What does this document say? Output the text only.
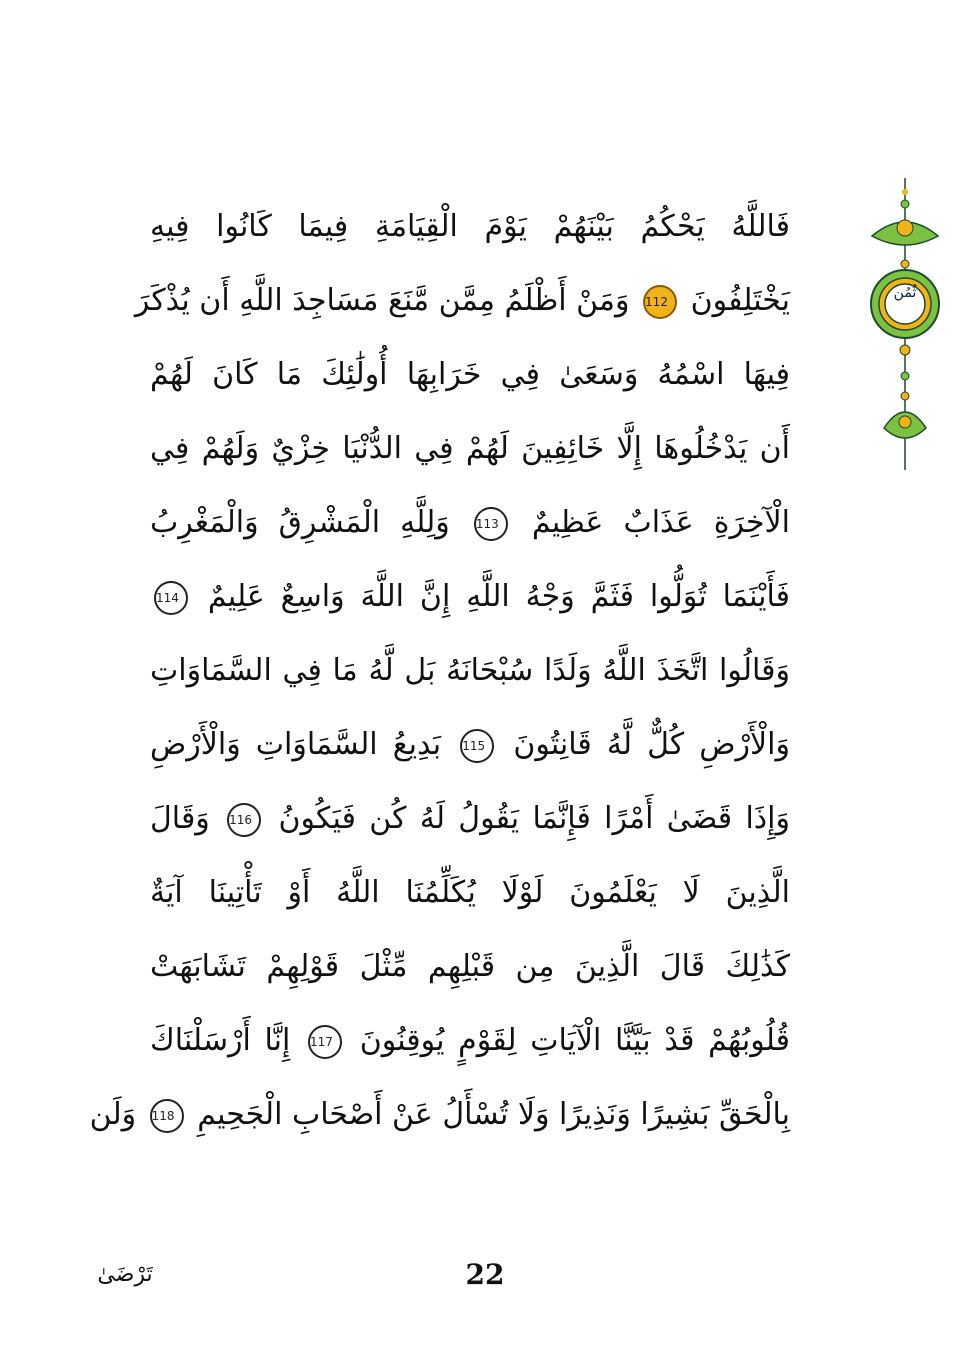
فَاللَّهُ يَحْكُمُ بَيْنَهُمْ يَوْمَ الْقِيَامَةِ فِيمَا كَانُوا فِيهِ
يَخْتَلِفُونَ 112 وَمَنْ أَظْلَمُ مِمَّن مَّنَعَ مَسَاجِدَ اللَّهِ أَن يُذْكَرَ
فِيهَا اسْمُهُ وَسَعَىٰ فِي خَرَابِهَا أُولَٰئِكَ مَا كَانَ لَهُمْ
أَن يَدْخُلُوهَا إِلَّا خَائِفِينَ لَهُمْ فِي الدُّنْيَا خِزْيٌ وَلَهُمْ فِي
الْآخِرَةِ عَذَابٌ عَظِيمٌ 113 وَلِلَّهِ الْمَشْرِقُ وَالْمَغْرِبُ
فَأَيْنَمَا تُوَلُّوا فَثَمَّ وَجْهُ اللَّهِ إِنَّ اللَّهَ وَاسِعٌ عَلِيمٌ 114
وَقَالُوا اتَّخَذَ اللَّهُ وَلَدًا سُبْحَانَهُ بَل لَّهُ مَا فِي السَّمَاوَاتِ
وَالْأَرْضِ كُلٌّ لَّهُ قَانِتُونَ 115 بَدِيعُ السَّمَاوَاتِ وَالْأَرْضِ
وَإِذَا قَضَىٰ أَمْرًا فَإِنَّمَا يَقُولُ لَهُ كُن فَيَكُونُ 116 وَقَالَ
الَّذِينَ لَا يَعْلَمُونَ لَوْلَا يُكَلِّمُنَا اللَّهُ أَوْ تَأْتِينَا آيَةٌ
كَذَٰلِكَ قَالَ الَّذِينَ مِن قَبْلِهِم مِّثْلَ قَوْلِهِمْ تَشَابَهَتْ
قُلُوبُهُمْ قَدْ بَيَّنَّا الْآيَاتِ لِقَوْمٍ يُوقِنُونَ 117 إِنَّا أَرْسَلْنَاكَ
بِالْحَقِّ بَشِيرًا وَنَذِيرًا وَلَا تُسْأَلُ عَنْ أَصْحَابِ الْجَحِيمِ 118 وَلَن
ثُمُن
تَرْضَىٰ	22
